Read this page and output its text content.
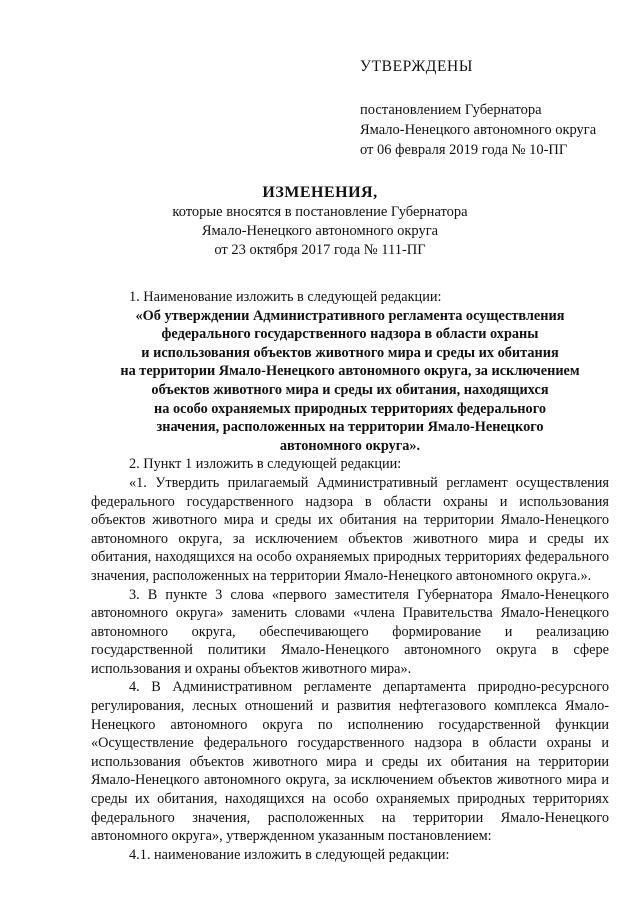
УТВЕРЖДЕНЫ
постановлением Губернатора
Ямало-Ненецкого автономного округа
от 06 февраля 2019 года № 10-ПГ
ИЗМЕНЕНИЯ,
которые вносятся в постановление Губернатора
Ямало-Ненецкого автономного округа
от 23 октября 2017 года № 111-ПГ

1. Наименование изложить в следующей редакции:

«Об утверждении Административного регламента осуществления
федерального государственного надзора в области охраны
и использования объектов животного мира и среды их обитания
на территории Ямало-Ненецкого автономного округа, за исключением
объектов животного мира и среды их обитания, находящихся
на особо охраняемых природных территориях федерального
значения, расположенных на территории Ямало-Ненецкого
автономного округа».

2. Пункт 1 изложить в следующей редакции:

«1. Утвердить прилагаемый Административный регламент осуществления федерального государственного надзора в области охраны и использования объектов животного мира и среды их обитания на территории Ямало-Ненецкого автономного округа, за исключением объектов животного мира и среды их обитания, находящихся на особо охраняемых природных территориях федерального значения, расположенных на территории Ямало-Ненецкого автономного округа.».

3. В пункте 3 слова «первого заместителя Губернатора Ямало-Ненецкого автономного округа» заменить словами «члена Правительства Ямало-Ненецкого автономного округа, обеспечивающего формирование и реализацию государственной политики Ямало-Ненецкого автономного округа в сфере использования и охраны объектов животного мира».

4. В Административном регламенте департамента природно-ресурсного регулирования, лесных отношений и развития нефтегазового комплекса Ямало-Ненецкого автономного округа по исполнению государственной функции «Осуществление федерального государственного надзора в области охраны и использования объектов животного мира и среды их обитания на территории Ямало-Ненецкого автономного округа, за исключением объектов животного мира и среды их обитания, находящихся на особо охраняемых природных территориях федерального значения, расположенных на территории Ямало-Ненецкого автономного округа», утвержденном указанным постановлением:

4.1. наименование изложить в следующей редакции:
